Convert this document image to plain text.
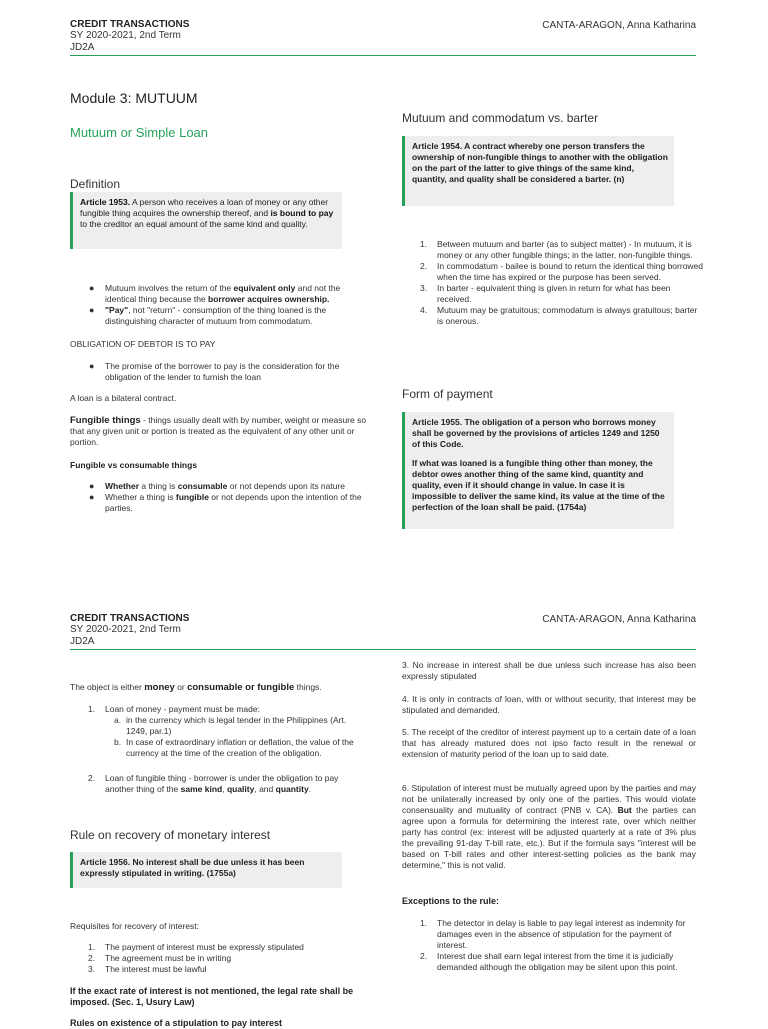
CREDIT TRANSACTIONS
SY 2020-2021, 2nd Term
JD2A
CANTA-ARAGON, Anna Katharina
Module 3: MUTUUM
Mutuum or Simple Loan
Definition
Article 1953. A person who receives a loan of money or any other fungible thing acquires the ownership thereof, and is bound to pay to the creditor an equal amount of the same kind and quality.
● Mutuum involves the return of the equivalent only and not the identical thing because the borrower acquires ownership.
● "Pay", not "return" - consumption of the thing loaned is the distinguishing character of mutuum from commodatum.
OBLIGATION OF DEBTOR IS TO PAY
● The promise of the borrower to pay is the consideration for the obligation of the lender to furnish the loan
A loan is a bilateral contract.
Fungible things - things usually dealt with by number, weight or measure so that any given unit or portion is treated as the equivalent of any other unit or portion.
Fungible vs consumable things
● Whether a thing is consumable or not depends upon its nature
● Whether a thing is fungible or not depends upon the intention of the parties.
Mutuum and commodatum vs. barter
Article 1954. A contract whereby one person transfers the ownership of non-fungible things to another with the obligation on the part of the latter to give things of the same kind, quantity, and quality shall be considered a barter. (n)
1. Between mutuum and barter (as to subject matter) - In mutuum, it is money or any other fungible things; in the latter, non-fungible things.
2. In commodatum - bailee is bound to return the identical thing borrowed when the time has expired or the purpose has been served.
3. In barter - equivalent thing is given in return for what has been received.
4. Mutuum may be gratuitous; commodatum is always gratuitous; barter is onerous.
Form of payment
Article 1955. The obligation of a person who borrows money shall be governed by the provisions of articles 1249 and 1250 of this Code.
If what was loaned is a fungible thing other than money, the debtor owes another thing of the same kind, quantity and quality, even if it should change in value. In case it is impossible to deliver the same kind, its value at the time of the perfection of the loan shall be paid. (1754a)
CREDIT TRANSACTIONS
SY 2020-2021, 2nd Term
JD2A
CANTA-ARAGON, Anna Katharina
The object is either money or consumable or fungible things.
1. Loan of money - payment must be made:
a. in the currency which is legal tender in the Philippines (Art. 1249, par.1)
b. In case of extraordinary inflation or deflation, the value of the currency at the time of the creation of the obligation.
2. Loan of fungible thing - borrower is under the obligation to pay another thing of the same kind, quality, and quantity.
Rule on recovery of monetary interest
Article 1956. No interest shall be due unless it has been expressly stipulated in writing. (1755a)
Requisites for recovery of interest:
1. The payment of interest must be expressly stipulated
2. The agreement must be in writing
3. The interest must be lawful
If the exact rate of interest is not mentioned, the legal rate shall be imposed. (Sec. 1, Usury Law)
Rules on existence of a stipulation to pay interest
3. No increase in interest shall be due unless such increase has also been expressly stipulated
4. It is only in contracts of loan, with or without security, that interest may be stipulated and demanded.
5. The receipt of the creditor of interest payment up to a certain date of a loan that has already matured does not ipso facto result in the renewal or extension of maturity period of the loan up to said date.
6. Stipulation of interest must be mutually agreed upon by the parties and may not be unilaterally increased by only one of the parties. This would violate consensuality and mutuality of contract (PNB v. CA). But the parties can agree upon a formula for determining the interest rate, over which neither party has control (ex: interest will be adjusted quarterly at a rate of 3% plus the prevailing 91-day T-bill rate, etc.). But if the formula says "interest will be based on T-bill rates and other interest-setting policies as the bank may determine," this is not valid.
Exceptions to the rule:
1. The detector in delay is liable to pay legal interest as indemnity for damages even in the absence of stipulation for the payment of interest.
2. Interest due shall earn legal interest from the time it is judicially demanded although the obligation may be silent upon this point.
